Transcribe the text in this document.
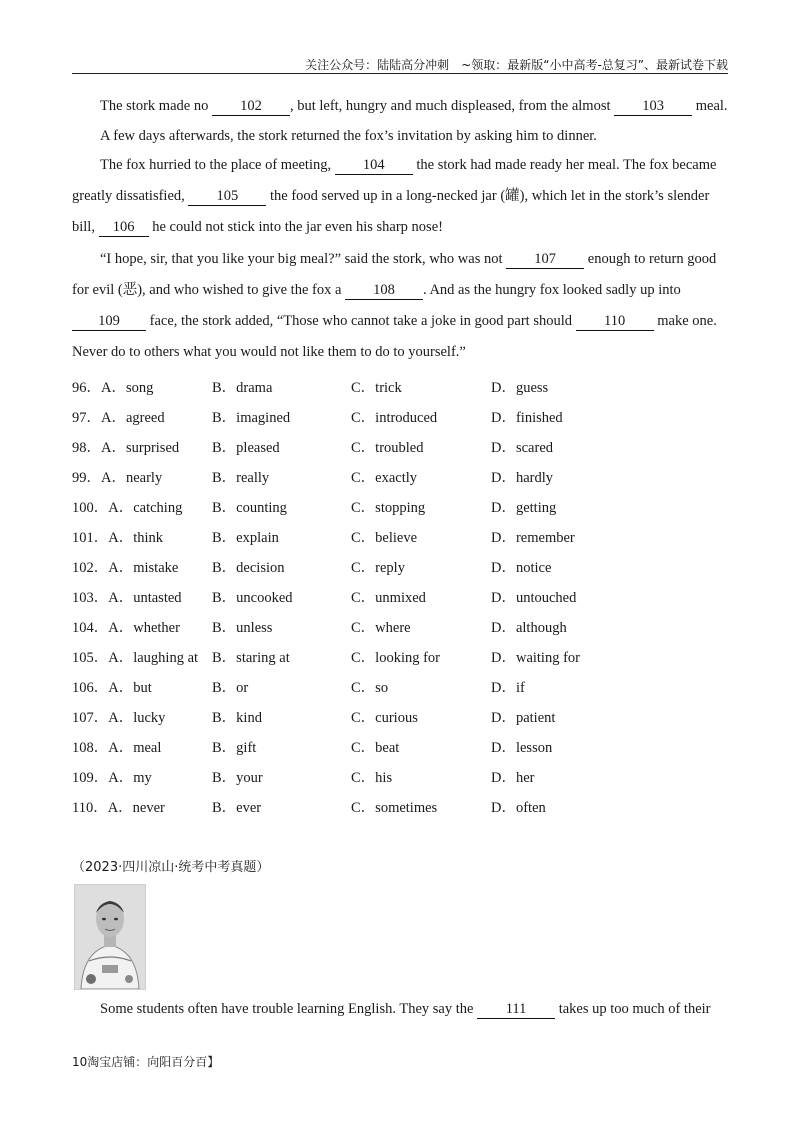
关注公众号：陆陆高分冲刺　~领取：最新版“小中高考-总复习”、最新试卷下载

The stork made no 102 , but left, hungry and much displeased, from the almost 103 meal.

A few days afterwards, the stork returned the fox’s invitation by asking him to dinner.

The fox hurried to the place of meeting, 104 the stork had made ready her meal. The fox became greatly dissatisfied, 105 the food served up in a long-necked jar (罐), which let in the stork’s slender bill, 106 he could not stick into the jar even his sharp nose!

“I hope, sir, that you like your big meal?” said the stork, who was not 107 enough to return good for evil (恶), and who wished to give the fox a 108 . And as the hungry fox looked sadly up into 109 face, the stork added, “Those who cannot take a joke in good part should 110 make one. Never do to others what you would not like them to do to yourself.”

96．A．song	B．drama	C．trick	D．guess
97．A．agreed	B．imagined	C．introduced	D．finished
98．A．surprised B．pleased	C．troubled	D．scared
99．A．nearly	B．really	C．exactly	D．hardly
100．A．catching B．counting	C．stopping	D．getting
101．A．think	B．explain	C．believe	D．remember
102．A．mistake B．decision	C．reply	D．notice
103．A．untasted B．uncooked	C．unmixed	D．untouched
104．A．whether B．unless	C．where	D．although
105．A．laughing at B．staring at	C．looking for	D．waiting for
106．A．but	B．or	C．so	D．if
107．A．lucky	B．kind	C．curious	D．patient
108．A．meal	B．gift	C．beat	D．lesson
109．A．my	B．your	C．his	D．her
110．A．never	B．ever	C．sometimes	D．often
（2023·四川凉山·统考中考真题）

Some students often have trouble learning English. They say the 111 takes up too much of their

10淘宝店铺：向阳百分百】
